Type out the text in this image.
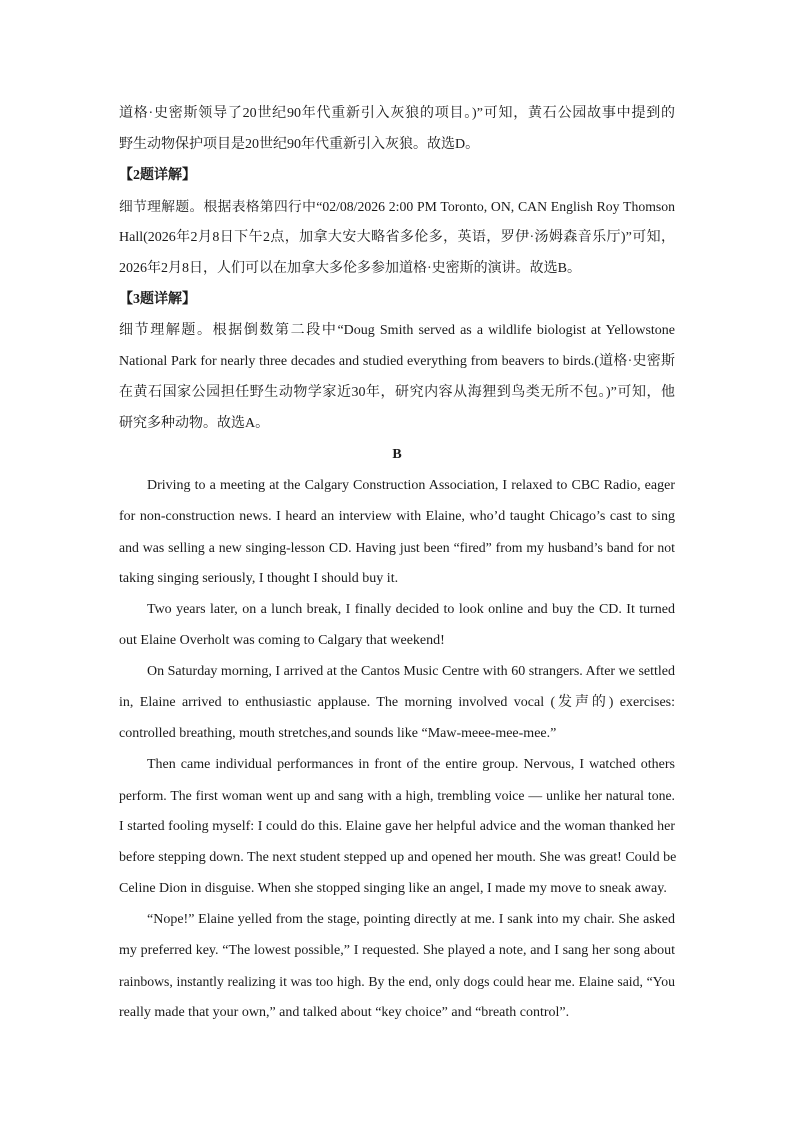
道格·史密斯领导了20世纪90年代重新引入灰狼的项目。)”可知，黄石公园故事中提到的

野生动物保护项目是20世纪90年代重新引入灰狼。故选D。

【2题详解】

细节理解题。根据表格第四行中“02/08/2026 2:00 PM Toronto, ON, CAN English Roy Thomson

Hall(2026年2月8日下午2点，加拿大安大略省多伦多，英语，罗伊·汤姆森音乐厅)”可知，

2026年2月8日，人们可以在加拿大多伦多参加道格·史密斯的演讲。故选B。

【3题详解】

细节理解题。根据倒数第二段中“Doug Smith served as a wildlife biologist at Yellowstone

National Park for nearly three decades and studied everything from beavers to birds.(道格·史密斯

在黄石国家公园担任野生动物学家近30年，研究内容从海狸到鸟类无所不包。)”可知，他

研究多种动物。故选A。

B

Driving to a meeting at the Calgary Construction Association, I relaxed to CBC Radio, eager

for non-construction news. I heard an interview with Elaine, who’d taught Chicago’s cast to sing

and was selling a new singing-lesson CD. Having just been “fired” from my husband’s band for not

taking singing seriously, I thought I should buy it.

Two years later, on a lunch break, I finally decided to look online and buy the CD. It turned

out Elaine Overholt was coming to Calgary that weekend!

On Saturday morning, I arrived at the Cantos Music Centre with 60 strangers. After we settled

in, Elaine arrived to enthusiastic applause. The morning involved vocal (发声的) exercises:

controlled breathing, mouth stretches,and sounds like “Maw-meee-mee-mee.”

Then came individual performances in front of the entire group. Nervous, I watched others

perform. The first woman went up and sang with a high, trembling voice — unlike her natural tone.

I started fooling myself: I could do this. Elaine gave her helpful advice and the woman thanked her

before stepping down. The next student stepped up and opened her mouth. She was great! Could be

Celine Dion in disguise. When she stopped singing like an angel, I made my move to sneak away.

“Nope!” Elaine yelled from the stage, pointing directly at me. I sank into my chair. She asked

my preferred key. “The lowest possible,” I requested. She played a note, and I sang her song about

rainbows, instantly realizing it was too high. By the end, only dogs could hear me. Elaine said, “You

really made that your own,” and talked about “key choice” and “breath control”.
